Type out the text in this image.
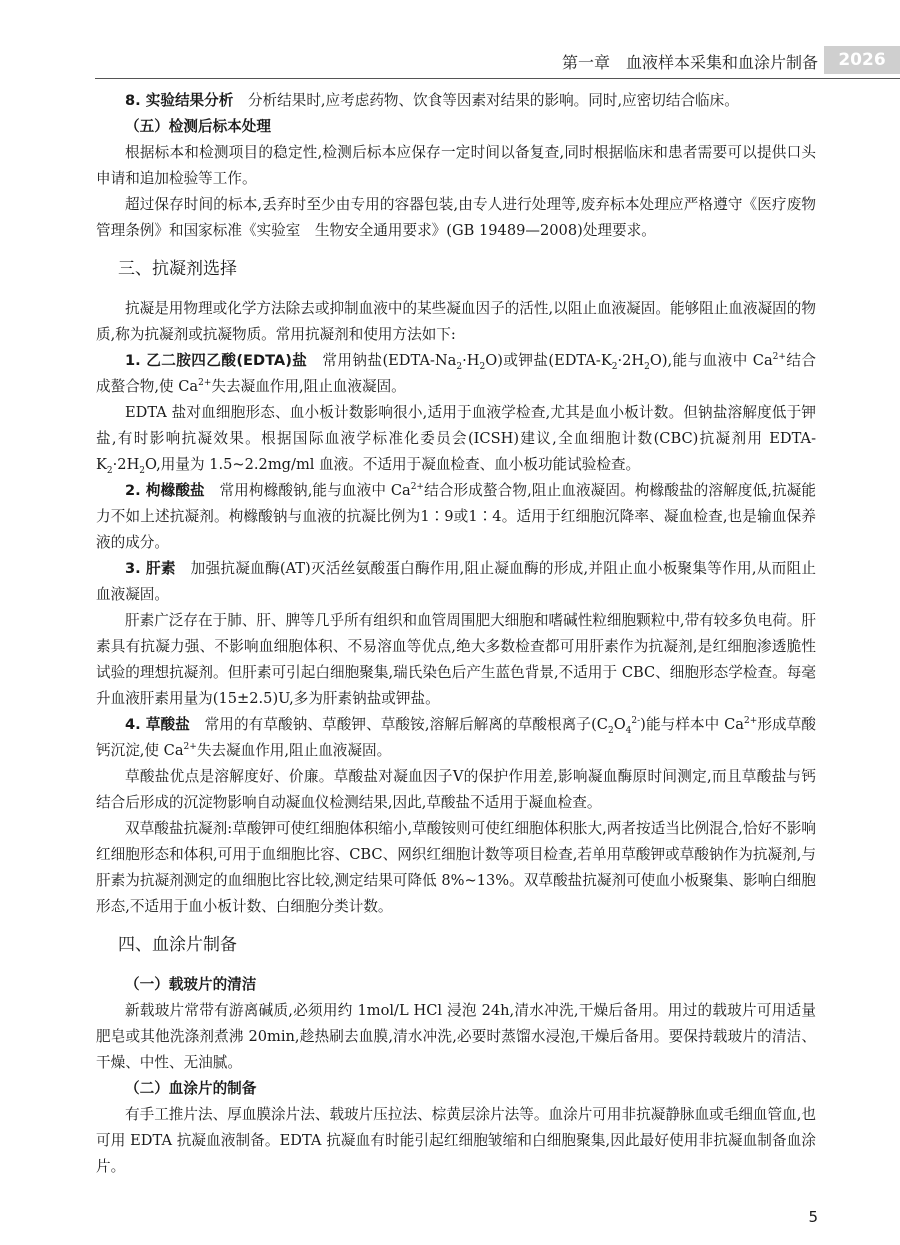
第一章　血液样本采集和血涂片制备	2026

8. 实验结果分析　 分析结果时,应考虑药物、饮食等因素对结果的影响。同时,应密切结合临床。

（五）检测后标本处理

根据标本和检测项目的稳定性,检测后标本应保存一定时间以备复查,同时根据临床和患者需要可以提供口头申请和追加检验等工作。

超过保存时间的标本,丢弃时至少由专用的容器包装,由专人进行处理等,废弃标本处理应严格遵守《医疗废物管理条例》和国家标准《实验室　生物安全通用要求》(GB 19489—2008)处理要求。

三、抗凝剂选择

抗凝是用物理或化学方法除去或抑制血液中的某些凝血因子的活性,以阻止血液凝固。能够阻止血液凝固的物质,称为抗凝剂或抗凝物质。常用抗凝剂和使用方法如下:

1. 乙二胺四乙酸(EDTA)盐　 常用钠盐$(EDTA-Na_2\cdot H_2O)$或钾盐$(EDTA-K_2\cdot 2H_2O)$,能与血液中 $Ca^{2+}$结合成螯合物,使 $Ca^{2+}$失去凝血作用,阻止血液凝固。

EDTA 盐对血细胞形态、血小板计数影响很小,适用于血液学检查,尤其是血小板计数。但钠盐溶解度低于钾盐,有时影响抗凝效果。根据国际血液学标准化委员会(ICSH)建议,全血细胞计数(CBC)抗凝剂用 EDTA-$K_2\cdot 2H_2O$,用量为 1.5~2.2mg/ml 血液。不适用于凝血检查、血小板功能试验检查。

2. 枸橼酸盐　 常用枸橼酸钠,能与血液中 $Ca^{2+}$结合形成螯合物,阻止血液凝固。枸橼酸盐的溶解度低,抗凝能力不如上述抗凝剂。枸橼酸钠与血液的抗凝比例为1∶9或1∶4。适用于红细胞沉降率、凝血检查,也是输血保养液的成分。

3. 肝素　 加强抗凝血酶(AT)灭活丝氨酸蛋白酶作用,阻止凝血酶的形成,并阻止血小板聚集等作用,从而阻止血液凝固。

肝素广泛存在于肺、肝、脾等几乎所有组织和血管周围肥大细胞和嗜碱性粒细胞颗粒中,带有较多负电荷。肝素具有抗凝力强、不影响血细胞体积、不易溶血等优点,绝大多数检查都可用肝素作为抗凝剂,是红细胞渗透脆性试验的理想抗凝剂。但肝素可引起白细胞聚集,瑞氏染色后产生蓝色背景,不适用于 CBC、细胞形态学检查。每毫升血液肝素用量为(15±2.5)U,多为肝素钠盐或钾盐。

4. 草酸盐　 常用的有草酸钠、草酸钾、草酸铵,溶解后解离的草酸根离子$(C_2O_4^{2-})$能与样本中 $Ca^{2+}$形成草酸钙沉淀,使 $Ca^{2+}$失去凝血作用,阻止血液凝固。

草酸盐优点是溶解度好、价廉。草酸盐对凝血因子Ⅴ的保护作用差,影响凝血酶原时间测定,而且草酸盐与钙结合后形成的沉淀物影响自动凝血仪检测结果,因此,草酸盐不适用于凝血检查。

双草酸盐抗凝剂:草酸钾可使红细胞体积缩小,草酸铵则可使红细胞体积胀大,两者按适当比例混合,恰好不影响红细胞形态和体积,可用于血细胞比容、CBC、网织红细胞计数等项目检查,若单用草酸钾或草酸钠作为抗凝剂,与肝素为抗凝剂测定的血细胞比容比较,测定结果可降低 8%~13%。双草酸盐抗凝剂可使血小板聚集、影响白细胞形态,不适用于血小板计数、白细胞分类计数。

四、血涂片制备
（一）载玻片的清洁

新载玻片常带有游离碱质,必须用约 1mol/L HCl 浸泡 24h,清水冲洗,干燥后备用。用过的载玻片可用适量肥皂或其他洗涤剂煮沸 20min,趁热刷去血膜,清水冲洗,必要时蒸馏水浸泡,干燥后备用。要保持载玻片的清洁、干燥、中性、无油腻。

（二）血涂片的制备

有手工推片法、厚血膜涂片法、载玻片压拉法、棕黄层涂片法等。血涂片可用非抗凝静脉血或毛细血管血,也可用 EDTA 抗凝血液制备。EDTA 抗凝血有时能引起红细胞皱缩和白细胞聚集,因此最好使用非抗凝血制备血涂片。

5
